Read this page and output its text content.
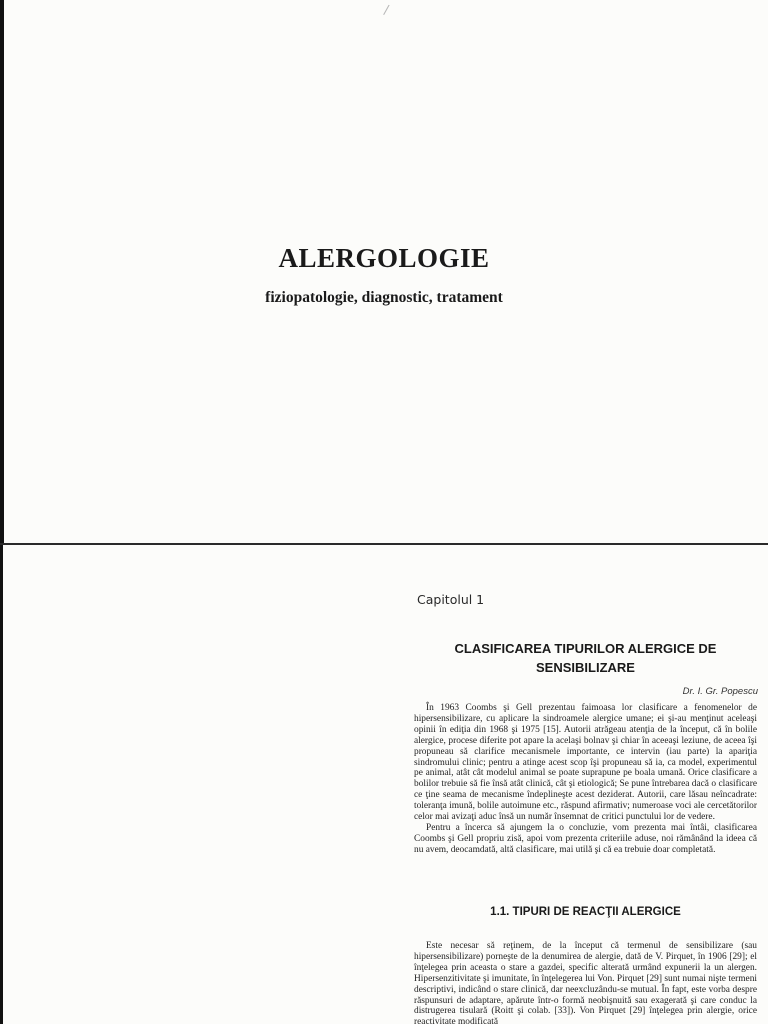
/
ALERGOLOGIE
fiziopatologie, diagnostic, tratament
Capitolul 1
CLASIFICAREA TIPURILOR ALERGICE DE
SENSIBILIZARE
Dr. I. Gr. Popescu

În 1963 Coombs şi Gell prezentau faimoasa lor clasificare a fenomenelor de hipersensibilizare, cu aplicare la sindroamele alergice umane; ei şi-au menţinut aceleaşi opinii în ediţia din 1968 şi 1975 [15]. Autorii atrăgeau atenţia de la început, că în bolile alergice, procese diferite pot apare la acelaşi bolnav şi chiar în aceeaşi leziune, de aceea îşi propuneau să clarifice mecanismele importante, ce intervin (iau parte) la apariţia sindromului clinic; pentru a atinge acest scop îşi propuneau să ia, ca model, experimentul pe animal, atât cât modelul animal se poate suprapune pe boala umană. Orice clasificare a bolilor trebuie să fie însă atât clinică, cât şi etiologică; Se pune întrebarea dacă o clasificare ce ţine seama de mecanisme îndeplineşte acest deziderat. Autorii, care lăsau neîncadrate: toleranţa imună, bolile autoimune etc., răspund afirmativ; numeroase voci ale cercetătorilor celor mai avizaţi aduc însă un număr însemnat de critici punctului lor de vedere.

Pentru a încerca să ajungem la o concluzie, vom prezenta mai întâi, clasificarea Coombs şi Gell propriu zisă, apoi vom prezenta criteriile aduse, noi rămânând la ideea că nu avem, deocamdată, altă clasificare, mai utilă şi că ea trebuie doar completată.

1.1. TIPURI DE REACŢII ALERGICE

Este necesar să reţinem, de la început că termenul de sensibilizare (sau hipersensibilizare) porneşte de la denumirea de alergie, dată de V. Pirquet, în 1906 [29]; el înţelegea prin aceasta o stare a gazdei, specific alterată urmând expunerii la un alergen. Hipersenzitivitate şi imunitate, în înţelegerea lui Von. Pirquet [29] sunt numai nişte termeni descriptivi, indicând o stare clinică, dar neexcluzându-se mutual. În fapt, este vorba despre răspunsuri de adaptare, apărute într-o formă neobişnuită sau exagerată şi care conduc la distrugerea tisulară (Roitt şi colab. [33]). Von Pirquet [29] înţelegea prin alergie, orice reactivitate modificată
